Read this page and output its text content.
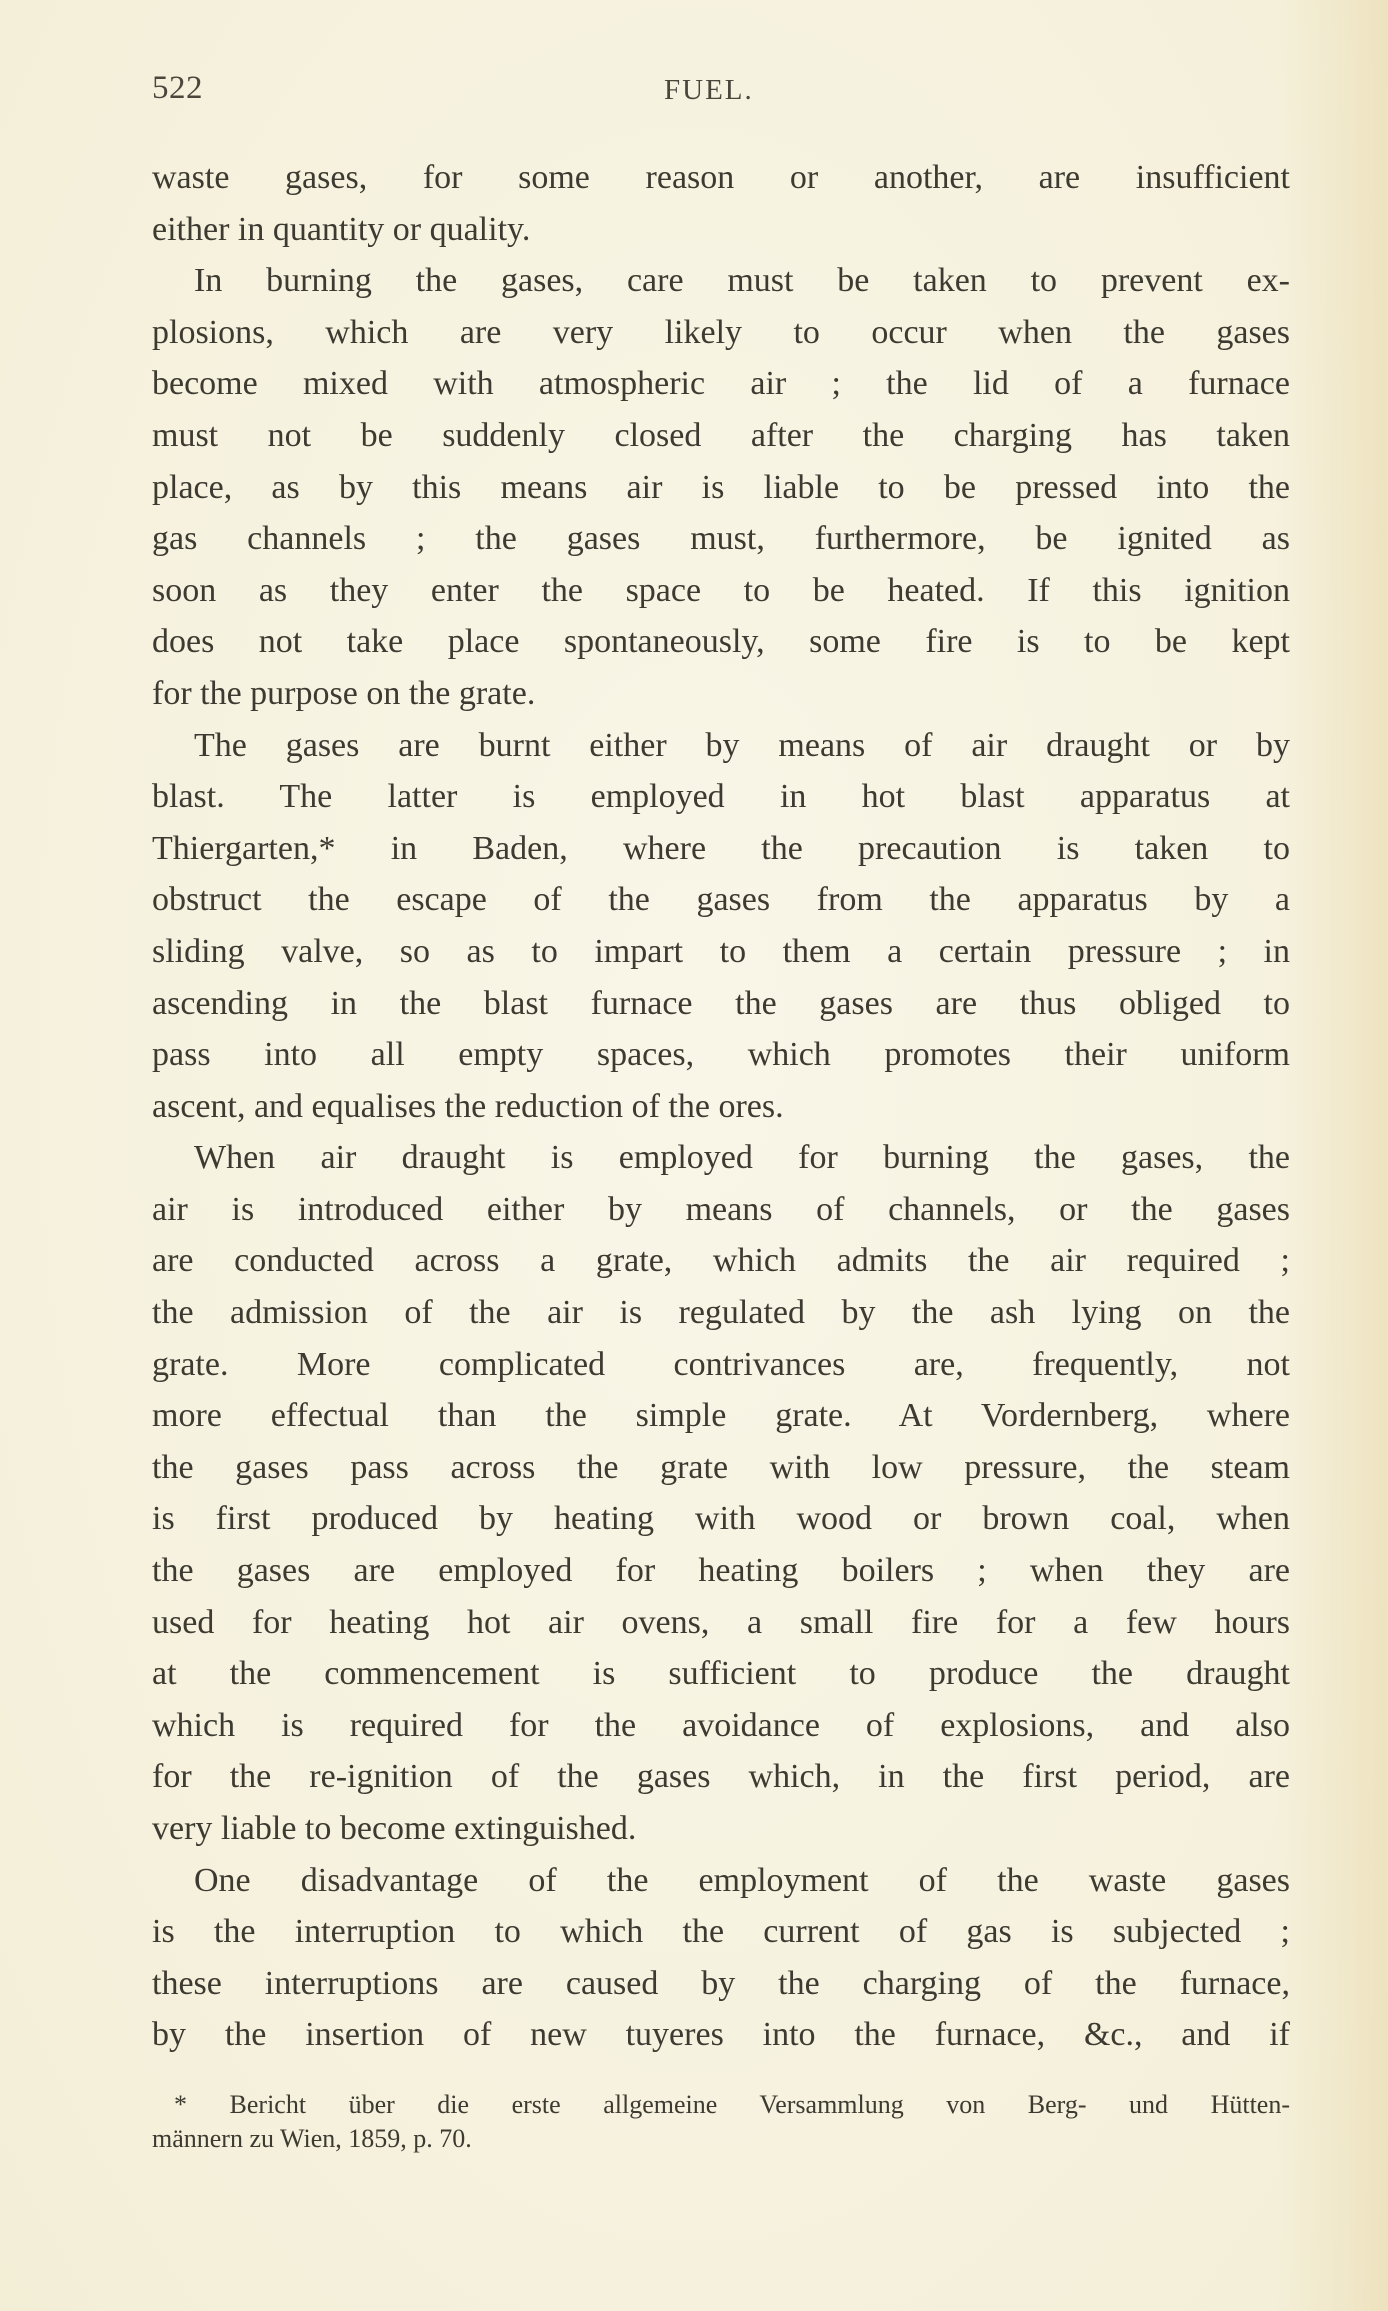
522	FUEL.
waste gases, for some reason or another, are insufficient
either in quantity or quality.
In burning the gases, care must be taken to prevent ex-
plosions, which are very likely to occur when the gases
become mixed with atmospheric air ; the lid of a furnace
must not be suddenly closed after the charging has taken
place, as by this means air is liable to be pressed into the
gas channels ; the gases must, furthermore, be ignited as
soon as they enter the space to be heated. If this ignition
does not take place spontaneously, some fire is to be kept
for the purpose on the grate.
The gases are burnt either by means of air draught or by
blast. The latter is employed in hot blast apparatus at
Thiergarten,* in Baden, where the precaution is taken to
obstruct the escape of the gases from the apparatus by a
sliding valve, so as to impart to them a certain pressure ; in
ascending in the blast furnace the gases are thus obliged to
pass into all empty spaces, which promotes their uniform
ascent, and equalises the reduction of the ores.
When air draught is employed for burning the gases, the
air is introduced either by means of channels, or the gases
are conducted across a grate, which admits the air required ;
the admission of the air is regulated by the ash lying on the
grate. More complicated contrivances are, frequently, not
more effectual than the simple grate. At Vordernberg, where
the gases pass across the grate with low pressure, the steam
is first produced by heating with wood or brown coal, when
the gases are employed for heating boilers ; when they are
used for heating hot air ovens, a small fire for a few hours
at the commencement is sufficient to produce the draught
which is required for the avoidance of explosions, and also
for the re-ignition of the gases which, in the first period, are
very liable to become extinguished.
One disadvantage of the employment of the waste gases
is the interruption to which the current of gas is subjected ;
these interruptions are caused by the charging of the furnace,
by the insertion of new tuyeres into the furnace, &c., and if
* Bericht über die erste allgemeine Versammlung von Berg- und Hütten-
männern zu Wien, 1859, p. 70.
